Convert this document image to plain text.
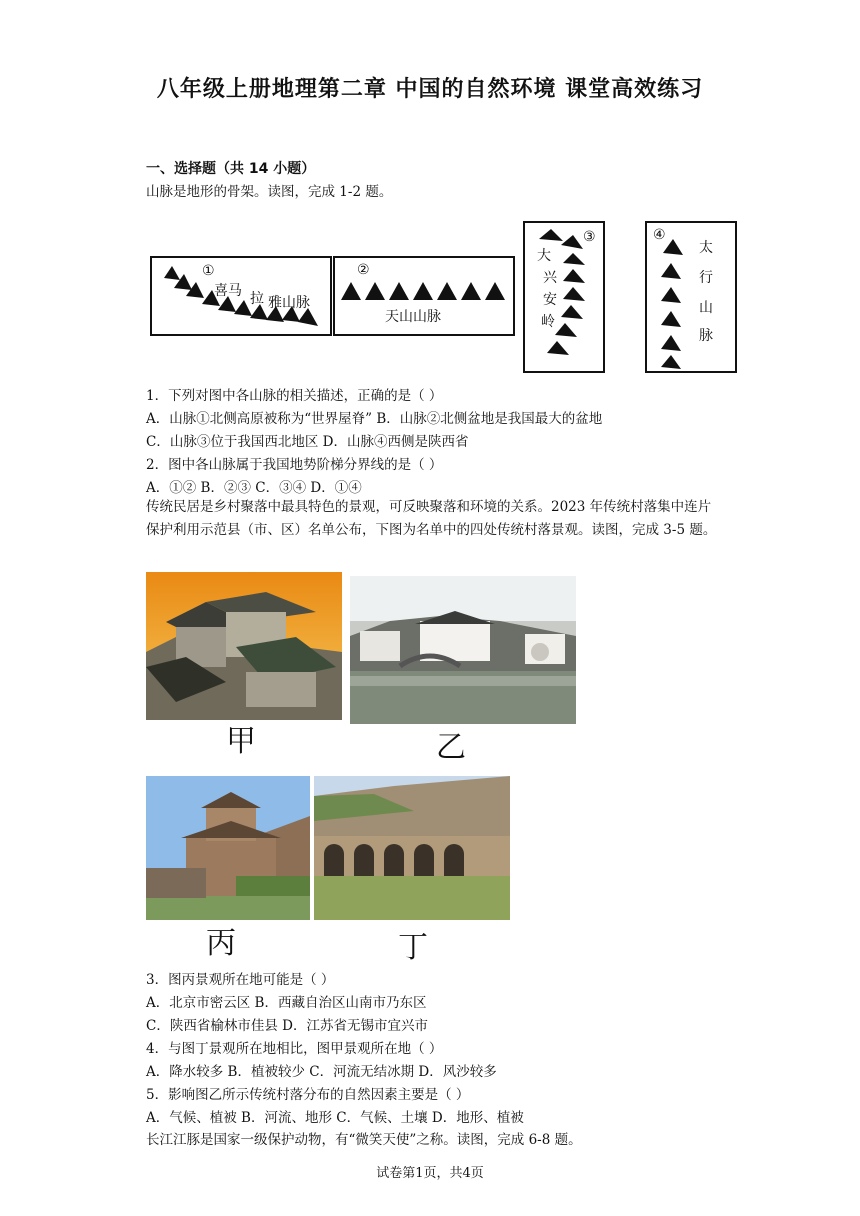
八年级上册地理第二章 中国的自然环境 课堂高效练习
一、选择题（共 14 小题）
山脉是地形的骨架。读图，完成 1-2 题。
①
喜马 拉 雅山脉
②
天山山脉
③
大
兴
安
岭
④
太
行
山
脉
1．下列对图中各山脉的相关描述，正确的是（ ）
A．山脉①北侧高原被称为“世界屋脊” B．山脉②北侧盆地是我国最大的盆地
C．山脉③位于我国西北地区 D．山脉④西侧是陕西省
2．图中各山脉属于我国地势阶梯分界线的是（ ）
A．①② B．②③ C．③④ D．①④
传统民居是乡村聚落中最具特色的景观，可反映聚落和环境的关系。2023 年传统村落集中连片保护利用示范县（市、区）名单公布，下图为名单中的四处传统村落景观。读图，完成 3-5 题。
甲	乙
丙	丁
3．图丙景观所在地可能是（ ）
A．北京市密云区 B．西藏自治区山南市乃东区
C．陕西省榆林市佳县 D．江苏省无锡市宜兴市
4．与图丁景观所在地相比，图甲景观所在地（ ）
A．降水较多 B．植被较少 C．河流无结冰期 D．风沙较多
5．影响图乙所示传统村落分布的自然因素主要是（ ）
A．气候、植被 B．河流、地形 C．气候、土壤 D．地形、植被
长江江豚是国家一级保护动物，有“微笑天使”之称。读图，完成 6-8 题。
试卷第1页，共4页
